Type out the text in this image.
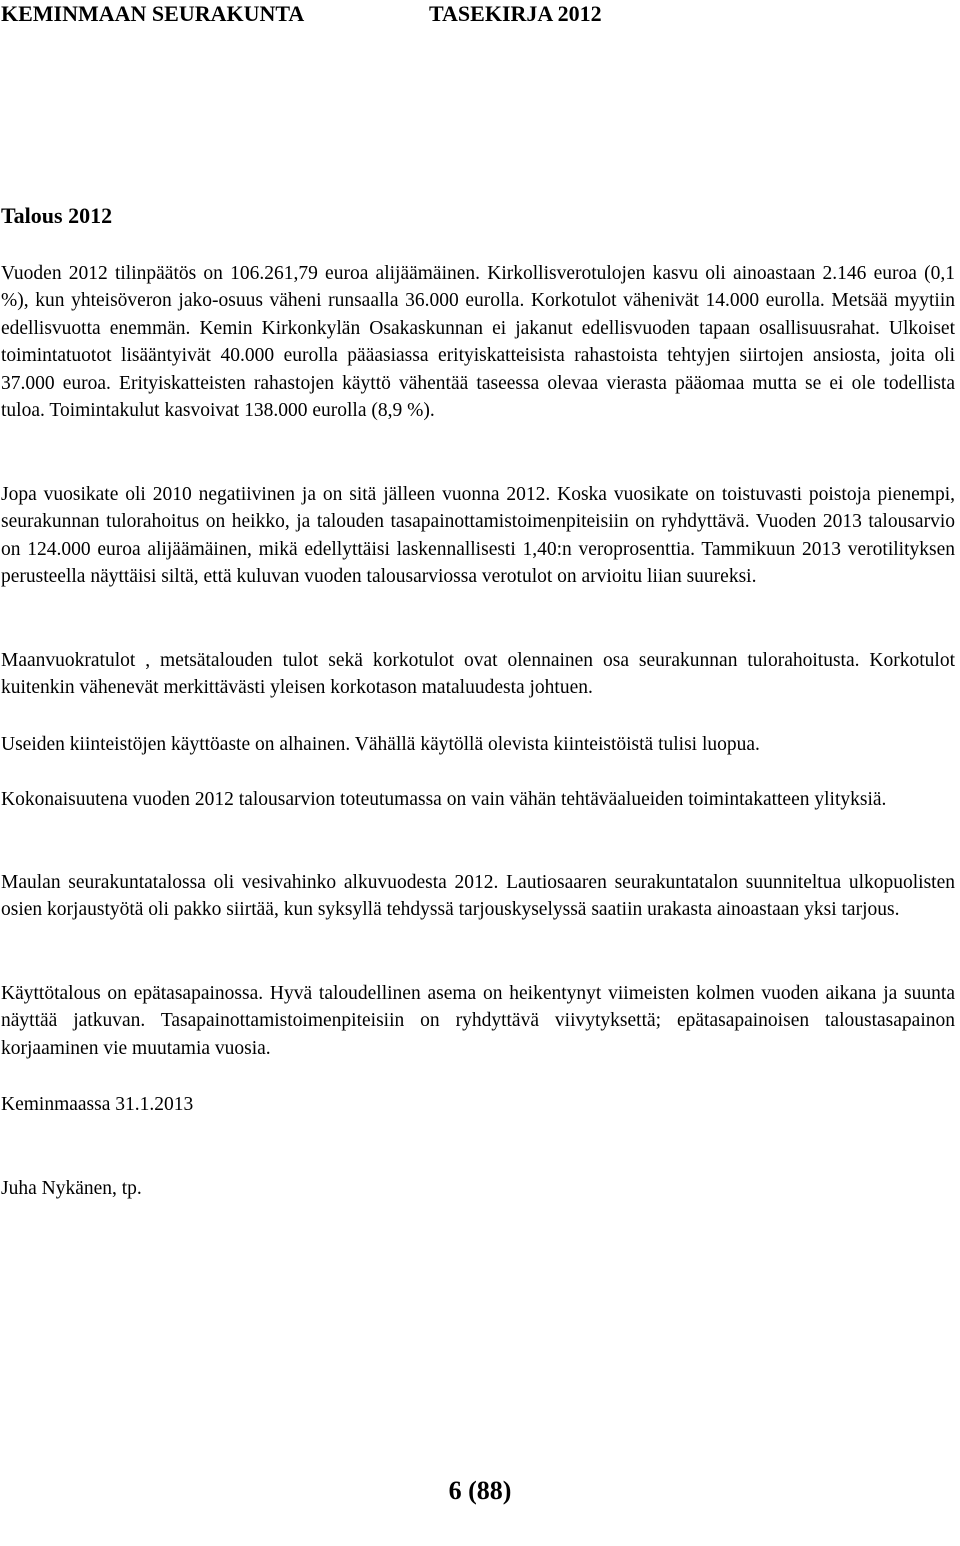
KEMINMAAN SEURAKUNTA	TASEKIRJA 2012
Talous 2012

Vuoden 2012 tilinpäätös on 106.261,79 euroa alijäämäinen. Kirkollisverotulojen kasvu oli ainoastaan 2.146 euroa (0,1 %), kun yhteisöveron jako-osuus väheni runsaalla 36.000 eurolla. Korkotulot vähenivät 14.000 eurolla. Metsää myytiin edellisvuotta enemmän. Kemin Kirkonkylän Osakaskunnan ei jakanut edellisvuoden tapaan osallisuusrahat. Ulkoiset toimintatuotot lisääntyivät 40.000 eurolla pääasiassa erityiskatteisista rahastoista tehtyjen siirtojen ansiosta, joita oli 37.000 euroa. Erityiskatteisten rahastojen käyttö vähentää taseessa olevaa vierasta pääomaa mutta se ei ole todellista tuloa. Toimintakulut kasvoivat 138.000 eurolla (8,9 %).

Jopa vuosikate oli 2010 negatiivinen ja on sitä jälleen vuonna 2012. Koska vuosikate on toistuvasti poistoja pienempi, seurakunnan tulorahoitus on heikko, ja talouden tasapainottamistoimenpiteisiin on ryhdyttävä. Vuoden 2013 talousarvio on 124.000 euroa alijäämäinen, mikä edellyttäisi laskennallisesti 1,40:n veroprosenttia. Tammikuun 2013 verotilityksen perusteella näyttäisi siltä, että kuluvan vuoden talousarviossa verotulot on arvioitu liian suureksi.

Maanvuokratulot , metsätalouden tulot sekä korkotulot ovat olennainen osa seurakunnan tulorahoitusta. Korkotulot kuitenkin vähenevät merkittävästi yleisen korkotason mataluudesta johtuen.

Useiden kiinteistöjen käyttöaste on alhainen. Vähällä käytöllä olevista kiinteistöistä tulisi luopua.

Kokonaisuutena vuoden 2012 talousarvion toteutumassa on vain vähän tehtäväalueiden toimintakatteen ylityksiä.

Maulan seurakuntatalossa oli vesivahinko alkuvuodesta 2012. Lautiosaaren seurakuntatalon suunniteltua ulkopuolisten osien korjaustyötä oli pakko siirtää, kun syksyllä tehdyssä tarjouskyselyssä saatiin urakasta ainoastaan yksi tarjous.

Käyttötalous on epätasapainossa. Hyvä taloudellinen asema on heikentynyt viimeisten kolmen vuoden aikana ja suunta näyttää jatkuvan. Tasapainottamistoimenpiteisiin on ryhdyttävä viivytyksettä; epätasapainoisen taloustasapainon korjaaminen vie muutamia vuosia.

Keminmaassa 31.1.2013

Juha Nykänen, tp.

6 (88)
